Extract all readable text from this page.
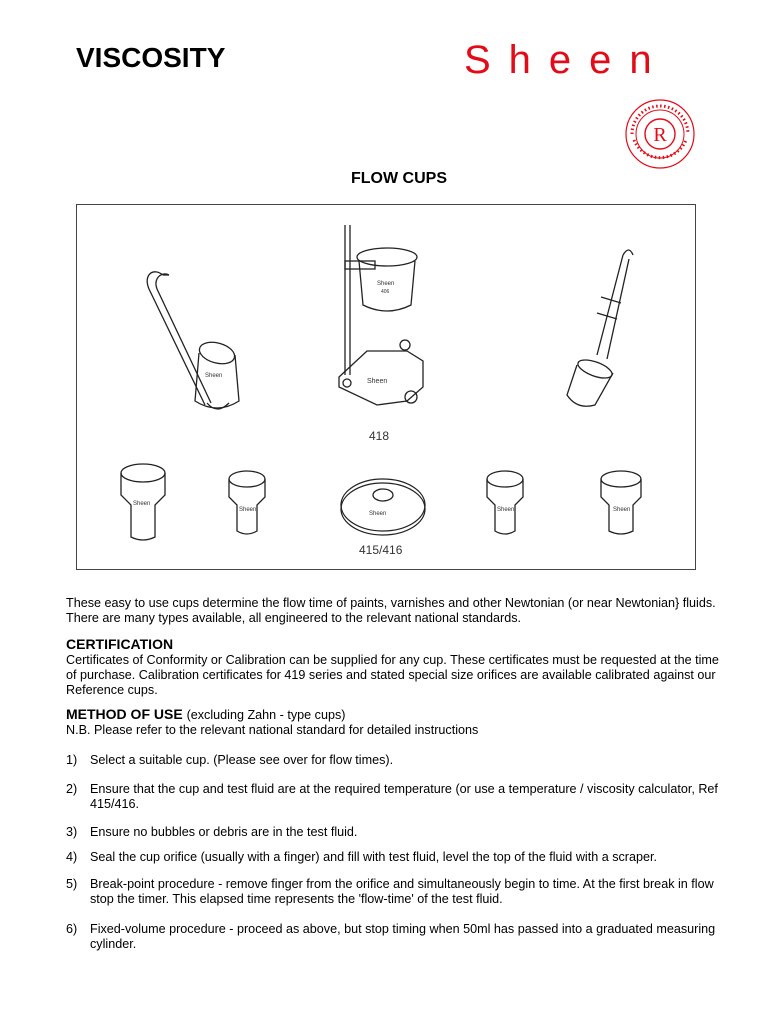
VISCOSITY	Sheen
R
FLOW CUPS
Sheen
Sheen
406
Sheen
Sheen
Sheen
Sheen
Sheen	Sheen
418
415/416
These easy to use cups determine the flow time of paints, varnishes and other Newtonian (or near Newtonian} fluids. There are many types available, all engineered to the relevant national standards.
CERTIFICATION
Certificates of Conformity or Calibration can be supplied for any cup. These certificates must be requested at the time of purchase. Calibration certificates for 419 series and stated special size orifices are available calibrated against our Reference cups.
METHOD OF USE (excluding Zahn - type cups)
N.B. Please refer to the relevant national standard for detailed instructions
1)	Select a suitable cup. (Please see over for flow times).
2)	Ensure that the cup and test fluid are at the required temperature (or use a temperature / viscosity calculator, Ref 415/416.
3)	Ensure no bubbles or debris are in the test fluid.
4)	Seal the cup orifice (usually with a finger) and fill with test fluid, level the top of the fluid with a scraper.
5)	Break-point procedure - remove finger from the orifice and simultaneously begin to time. At the first break in flow stop the timer. This elapsed time represents the 'flow-time' of the test fluid.
6)	Fixed-volume procedure - proceed as above, but stop timing when 50ml has passed into a graduated measuring cylinder.
